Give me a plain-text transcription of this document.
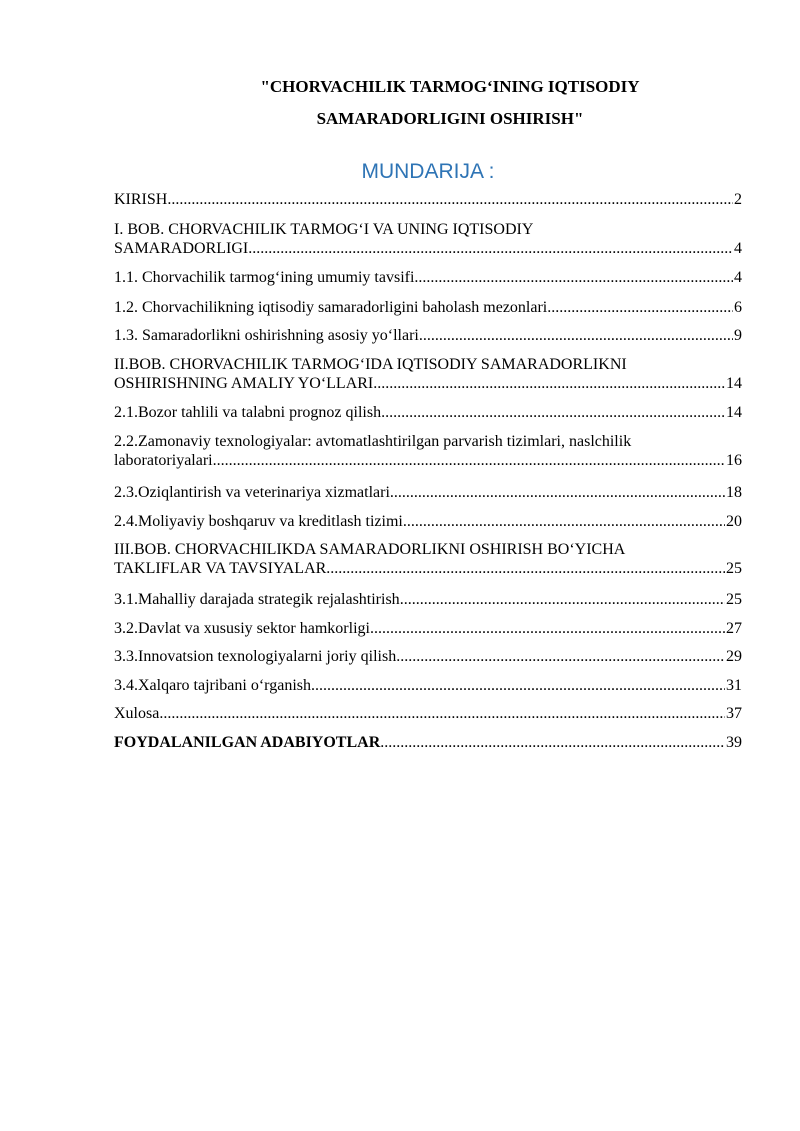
"CHORVACHILIK TARMOG‘INING IQTISODIY
SAMARADORLIGINI OSHIRISH"
MUNDARIJA :
KIRISH .....	2
I. BOB. CHORVACHILIK TARMOG‘I VA UNING IQTISODIY
SAMARADORLIGI .....	4
1.1. Chorvachilik tarmog‘ining umumiy tavsifi .....	4
1.2. Chorvachilikning iqtisodiy samaradorligini baholash mezonlari .....	6
1.3. Samaradorlikni oshirishning asosiy yo‘llari .....	9
II.BOB. CHORVACHILIK TARMOG‘IDA IQTISODIY SAMARADORLIKNI
OSHIRISHNING AMALIY YO‘LLARI .....	14
2.1.Bozor tahlili va talabni prognoz qilish .....	14
2.2.Zamonaviy texnologiyalar: avtomatlashtirilgan parvarish tizimlari, naslchilik
laboratoriyalari .....	16
2.3.Oziqlantirish va veterinariya xizmatlari .....	18
2.4.Moliyaviy boshqaruv va kreditlash tizimi .....	20
III.BOB. CHORVACHILIKDA SAMARADORLIKNI OSHIRISH BO‘YICHA
TAKLIFLAR VA TAVSIYALAR .....	25
3.1.Mahalliy darajada strategik rejalashtirish .....	25
3.2.Davlat va xususiy sektor hamkorligi .....	27
3.3.Innovatsion texnologiyalarni joriy qilish .....	29
3.4.Xalqaro tajribani o‘rganish .....	31
Xulosa .....	37
FOYDALANILGAN ADABIYOTLAR .....	39
